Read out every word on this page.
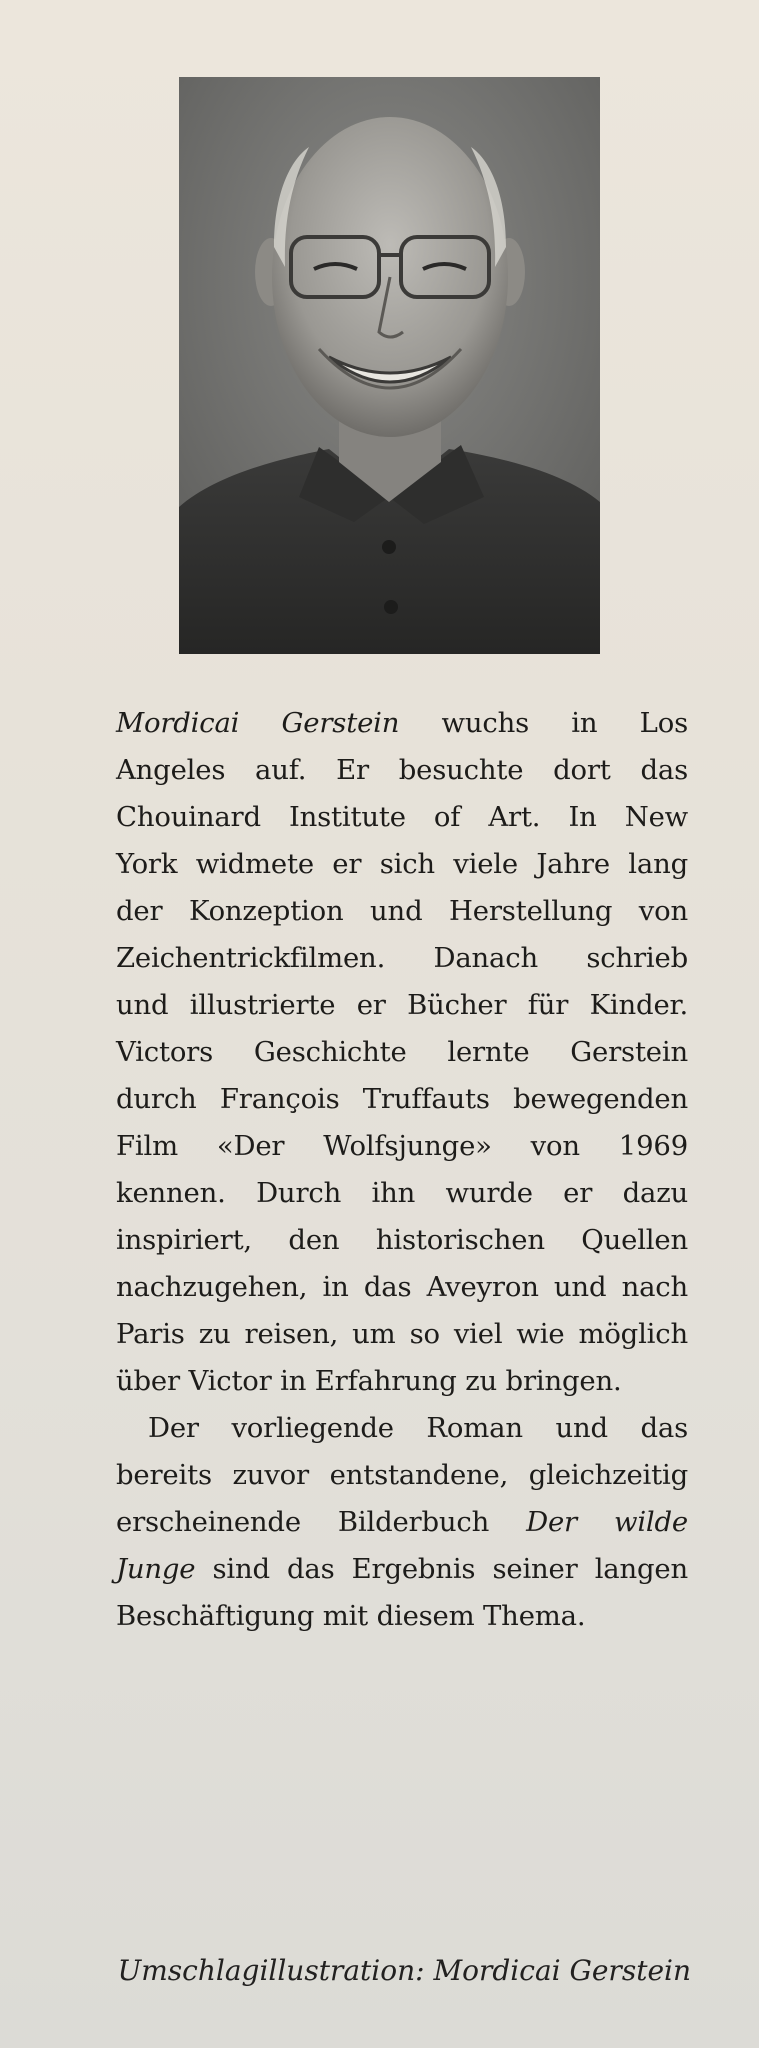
Mordicai Gerstein wuchs in Los
Angeles auf. Er besuchte dort das
Chouinard Institute of Art. In New
York widmete er sich viele Jahre lang
der Konzeption und Herstellung von
Zeichentrickfilmen. Danach schrieb
und illustrierte er Bücher für Kinder.
Victors Geschichte lernte Gerstein
durch François Truffauts bewegenden
Film «Der Wolfsjunge» von 1969
kennen. Durch ihn wurde er dazu
inspiriert, den historischen Quellen
nachzugehen, in das Aveyron und nach
Paris zu reisen, um so viel wie möglich
über Victor in Erfahrung zu bringen.

Der vorliegende Roman und das
bereits zuvor entstandene, gleichzeitig
erscheinende Bilderbuch Der wilde
Junge sind das Ergebnis seiner langen
Beschäftigung mit diesem Thema.

Umschlagillustration: Mordicai Gerstein
